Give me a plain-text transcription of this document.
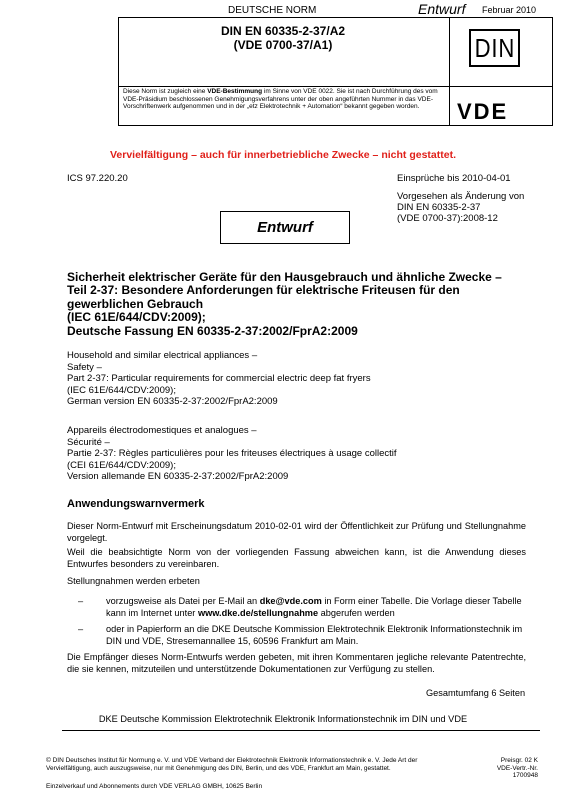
DEUTSCHE NORM	Entwurf Februar 2010
DIN EN 60335-2-37/A2
(VDE 0700-37/A1)
Diese Norm ist zugleich eine VDE-Bestimmung im Sinne von VDE 0022. Sie ist nach Durchführung des vom VDE-Präsidium beschlossenen Genehmigungsverfahrens unter der oben angeführten Nummer in das VDE-Vorschriftenwerk aufgenommen und in der „etz Elektrotechnik + Automation“ bekannt gegeben worden.
DIN
VDE
Vervielfältigung – auch für innerbetriebliche Zwecke – nicht gestattet.
ICS 97.220.20	Einsprüche bis 2010-04-01
Vorgesehen als Änderung von
DIN EN 60335-2-37
(VDE 0700-37):2008-12
Entwurf
Sicherheit elektrischer Geräte für den Hausgebrauch und ähnliche Zwecke –
Teil 2-37: Besondere Anforderungen für elektrische Friteusen für den
gewerblichen Gebrauch
(IEC 61E/644/CDV:2009);
Deutsche Fassung EN 60335-2-37:2002/FprA2:2009
Household and similar electrical appliances –
Safety –
Part 2-37: Particular requirements for commercial electric deep fat fryers
(IEC 61E/644/CDV:2009);
German version EN 60335-2-37:2002/FprA2:2009
Appareils électrodomestiques et analogues –
Sécurité –
Partie 2-37: Règles particulières pour les friteuses électriques à usage collectif
(CEI 61E/644/CDV:2009);
Version allemande EN 60335-2-37:2002/FprA2:2009
Anwendungswarnvermerk
Dieser Norm-Entwurf mit Erscheinungsdatum 2010-02-01 wird der Öffentlichkeit zur Prüfung und Stellungnahme vorgelegt.
Weil die beabsichtigte Norm von der vorliegenden Fassung abweichen kann, ist die Anwendung dieses Entwurfes besonders zu vereinbaren.
Stellungnahmen werden erbeten
– vorzugsweise als Datei per E-Mail an dke@vde.com in Form einer Tabelle. Die Vorlage dieser Tabelle kann im Internet unter www.dke.de/stellungnahme abgerufen werden
– oder in Papierform an die DKE Deutsche Kommission Elektrotechnik Elektronik Informationstechnik im DIN und VDE, Stresemannallee 15, 60596 Frankfurt am Main.
Die Empfänger dieses Norm-Entwurfs werden gebeten, mit ihren Kommentaren jegliche relevante Patentrechte, die sie kennen, mitzuteilen und unterstützende Dokumentationen zur Verfügung zu stellen.
Gesamtumfang 6 Seiten
DKE Deutsche Kommission Elektrotechnik Elektronik Informationstechnik im DIN und VDE
© DIN Deutsches Institut für Normung e. V. und VDE Verband der Elektrotechnik Elektronik Informationstechnik e. V. Jede Art der Vervielfältigung, auch auszugsweise, nur mit Genehmigung des DIN, Berlin, und des VDE, Frankfurt am Main, gestattet.
Preisgr. 02 K
VDE-Vertr.-Nr. 1700948
Einzelverkauf und Abonnements durch VDE VERLAG GMBH, 10625 Berlin
